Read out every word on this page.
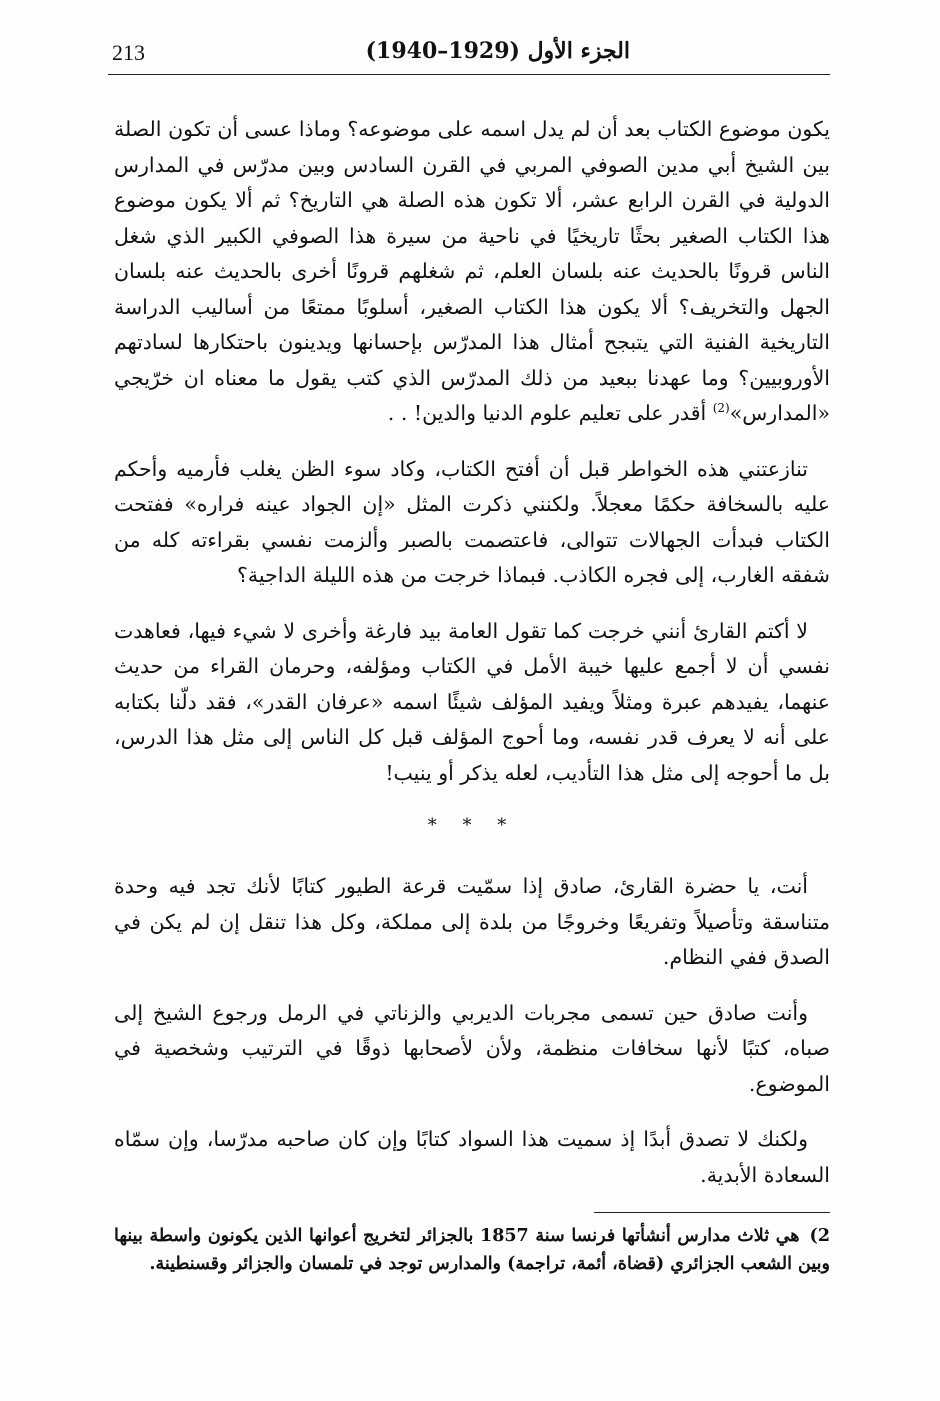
213	الجزء الأول (1929–1940)

يكون موضوع الكتاب بعد أن لم يدل اسمه على موضوعه؟ وماذا عسى أن تكون الصلة بين الشيخ أبي مدين الصوفي المربي في القرن السادس وبين مدرّس في المدارس الدولية في القرن الرابع عشر، ألا تكون هذه الصلة هي التاريخ؟ ثم ألا يكون موضوع هذا الكتاب الصغير بحثًا تاريخيًا في ناحية من سيرة هذا الصوفي الكبير الذي شغل الناس قرونًا بالحديث عنه بلسان العلم، ثم شغلهم قرونًا أخرى بالحديث عنه بلسان الجهل والتخريف؟ ألا يكون هذا الكتاب الصغير، أسلوبًا ممتعًا من أساليب الدراسة التاريخية الفنية التي يتبجح أمثال هذا المدرّس بإحسانها ويدينون باحتكارها لسادتهم الأوروبيين؟ وما عهدنا ببعيد من ذلك المدرّس الذي كتب يقول ما معناه ان خرّيجي «المدارس»$^{(2)}$ أقدر على تعليم علوم الدنيا والدين! . .

تنازعتني هذه الخواطر قبل أن أفتح الكتاب، وكاد سوء الظن يغلب فأرميه وأحكم عليه بالسخافة حكمًا معجلاً. ولكنني ذكرت المثل «إن الجواد عينه فراره» ففتحت الكتاب فبدأت الجهالات تتوالى، فاعتصمت بالصبر وألزمت نفسي بقراءته كله من شفقه الغارب، إلى فجره الكاذب. فبماذا خرجت من هذه الليلة الداجية؟

لا أكتم القارئ أنني خرجت كما تقول العامة بيد فارغة وأخرى لا شيء فيها، فعاهدت نفسي أن لا أجمع عليها خيبة الأمل في الكتاب ومؤلفه، وحرمان القراء من حديث عنهما، يفيدهم عبرة ومثلاً ويفيد المؤلف شيئًا اسمه «عرفان القدر»، فقد دلّنا بكتابه على أنه لا يعرف قدر نفسه، وما أحوج المؤلف قبل كل الناس إلى مثل هذا الدرس، بل ما أحوجه إلى مثل هذا التأديب، لعله يذكر أو ينيب!

* * *

أنت، يا حضرة القارئ، صادق إذا سمّيت قرعة الطيور كتابًا لأنك تجد فيه وحدة متناسقة وتأصيلاً وتفريعًا وخروجًا من بلدة إلى مملكة، وكل هذا تنقل إن لم يكن في الصدق ففي النظام.

وأنت صادق حين تسمى مجربات الديربي والزناتي في الرمل ورجوع الشيخ إلى صباه، كتبًا لأنها سخافات منظمة، ولأن لأصحابها ذوقًا في الترتيب وشخصية في الموضوع.

ولكنك لا تصدق أبدًا إذ سميت هذا السواد كتابًا وإن كان صاحبه مدرّسا، وإن سمّاه السعادة الأبدية.

2)هي ثلاث مدارس أنشأتها فرنسا سنة 1857 بالجزائر لتخريج أعوانها الذين يكونون واسطة بينها وبين الشعب الجزائري (قضاة، أئمة، تراجمة) والمدارس توجد في تلمسان والجزائر وقسنطينة.
